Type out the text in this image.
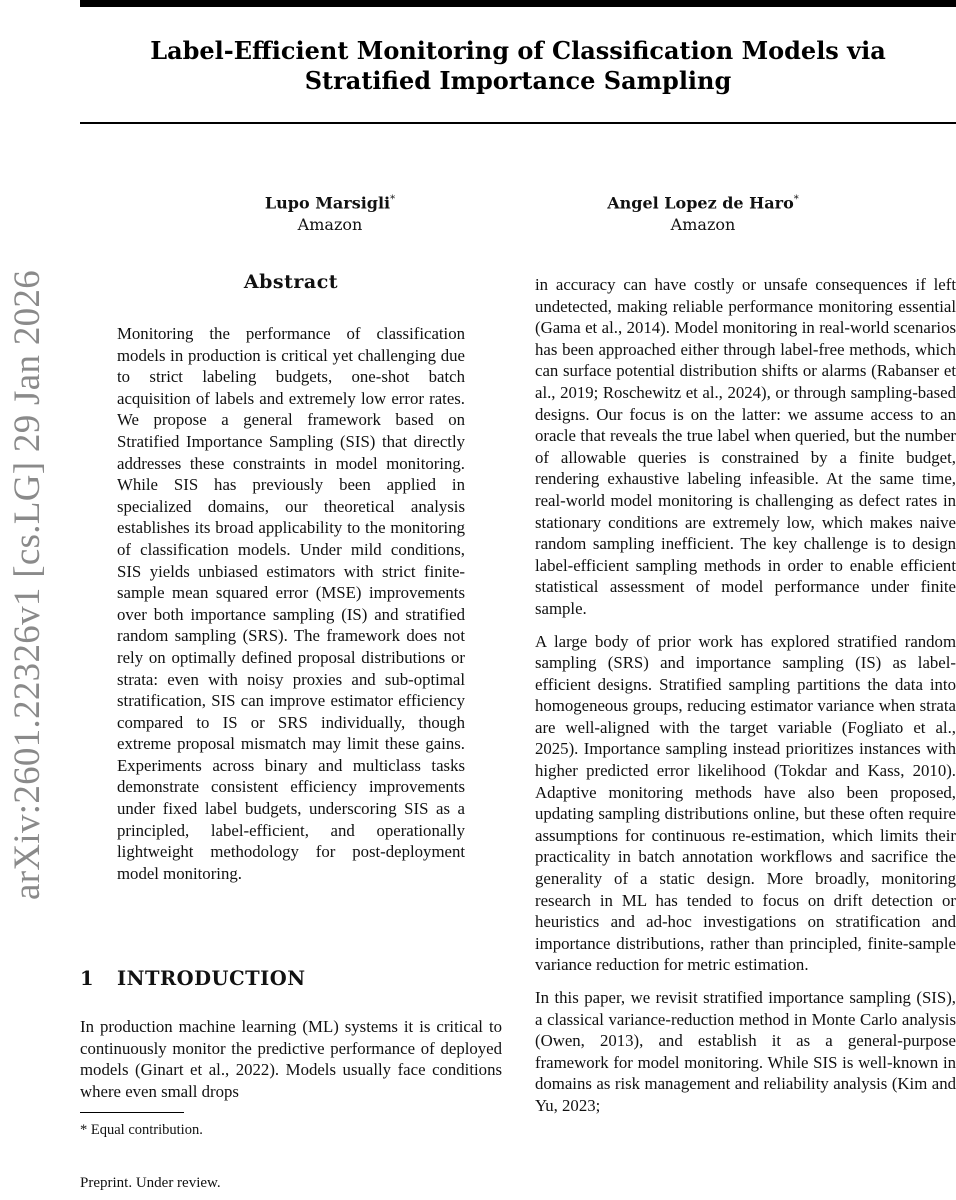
Label-Efficient Monitoring of Classification Models via Stratified Importance Sampling
Lupo Marsigli*
Amazon
Angel Lopez de Haro*
Amazon
arXiv:2601.22326v1 [cs.LG] 29 Jan 2026	Abstract

Monitoring the performance of classification models in production is critical yet challenging due to strict labeling budgets, one-shot batch acquisition of labels and extremely low error rates. We propose a general framework based on Stratified Importance Sampling (SIS) that directly addresses these constraints in model monitoring. While SIS has previously been applied in specialized domains, our theoretical analysis establishes its broad applicability to the monitoring of classification models. Under mild conditions, SIS yields unbiased estimators with strict finite-sample mean squared error (MSE) improvements over both importance sampling (IS) and stratified random sampling (SRS). The framework does not rely on optimally defined proposal distributions or strata: even with noisy proxies and sub-optimal stratification, SIS can improve estimator efficiency compared to IS or SRS individually, though extreme proposal mismatch may limit these gains. Experiments across binary and multiclass tasks demonstrate consistent efficiency improvements under fixed label budgets, underscoring SIS as a principled, label-efficient, and operationally lightweight methodology for post-deployment model monitoring.

1 INTRODUCTION

In production machine learning (ML) systems it is critical to continuously monitor the predictive performance of deployed models (Ginart et al., 2022). Models usually face conditions where even small drops

* Equal contribution.
Preprint. Under review.

in accuracy can have costly or unsafe consequences if left undetected, making reliable performance monitoring essential (Gama et al., 2014). Model monitoring in real-world scenarios has been approached either through label-free methods, which can surface potential distribution shifts or alarms (Rabanser et al., 2019; Roschewitz et al., 2024), or through sampling-based designs. Our focus is on the latter: we assume access to an oracle that reveals the true label when queried, but the number of allowable queries is constrained by a finite budget, rendering exhaustive labeling infeasible. At the same time, real-world model monitoring is challenging as defect rates in stationary conditions are extremely low, which makes naive random sampling inefficient. The key challenge is to design label-efficient sampling methods in order to enable efficient statistical assessment of model performance under finite sample.

A large body of prior work has explored stratified random sampling (SRS) and importance sampling (IS) as label-efficient designs. Stratified sampling partitions the data into homogeneous groups, reducing estimator variance when strata are well-aligned with the target variable (Fogliato et al., 2025). Importance sampling instead prioritizes instances with higher predicted error likelihood (Tokdar and Kass, 2010). Adaptive monitoring methods have also been proposed, updating sampling distributions online, but these often require assumptions for continuous re-estimation, which limits their practicality in batch annotation workflows and sacrifice the generality of a static design. More broadly, monitoring research in ML has tended to focus on drift detection or heuristics and ad-hoc investigations on stratification and importance distributions, rather than principled, finite-sample variance reduction for metric estimation.

In this paper, we revisit stratified importance sampling (SIS), a classical variance-reduction method in Monte Carlo analysis (Owen, 2013), and establish it as a general-purpose framework for model monitoring. While SIS is well-known in domains as risk management and reliability analysis (Kim and Yu, 2023;
